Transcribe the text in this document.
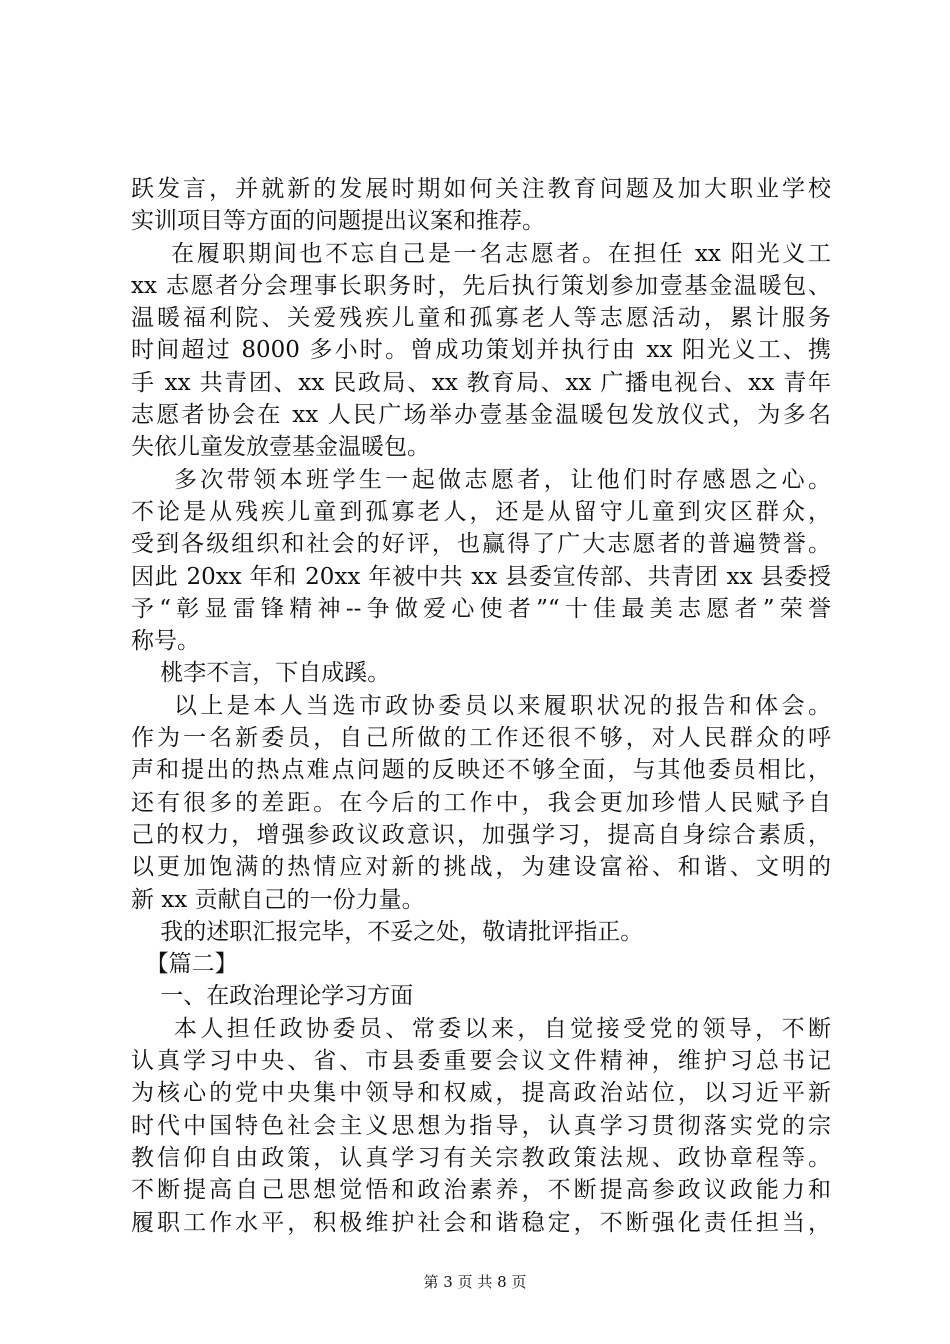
跃发言，并就新的发展时期如何关注教育问题及加大职业学校
实训项目等方面的问题提出议案和推荐。
在履职期间也不忘自己是一名志愿者。在担任 xx 阳光义工
xx 志愿者分会理事长职务时，先后执行策划参加壹基金温暖包、
温暖福利院、关爱残疾儿童和孤寡老人等志愿活动，累计服务
时间超过 8000 多小时。曾成功策划并执行由 xx 阳光义工、携
手 xx 共青团、xx 民政局、xx 教育局、xx 广播电视台、xx 青年
志愿者协会在 xx 人民广场举办壹基金温暖包发放仪式，为多名
失依儿童发放壹基金温暖包。
多次带领本班学生一起做志愿者，让他们时存感恩之心。
不论是从残疾儿童到孤寡老人，还是从留守儿童到灾区群众，
受到各级组织和社会的好评，也赢得了广大志愿者的普遍赞誉。
因此 20xx 年和 20xx 年被中共 xx 县委宣传部、共青团 xx 县委授
予“彰显雷锋精神--争做爱心使者”“十佳最美志愿者”荣誉
称号。
桃李不言，下自成蹊。
以上是本人当选市政协委员以来履职状况的报告和体会。
作为一名新委员，自己所做的工作还很不够，对人民群众的呼
声和提出的热点难点问题的反映还不够全面，与其他委员相比，
还有很多的差距。在今后的工作中，我会更加珍惜人民赋予自
己的权力，增强参政议政意识，加强学习，提高自身综合素质，
以更加饱满的热情应对新的挑战，为建设富裕、和谐、文明的
新 xx 贡献自己的一份力量。
我的述职汇报完毕，不妥之处，敬请批评指正。
【篇二】
一、在政治理论学习方面
本人担任政协委员、常委以来，自觉接受党的领导，不断
认真学习中央、省、市县委重要会议文件精神，维护习总书记
为核心的党中央集中领导和权威，提高政治站位，以习近平新
时代中国特色社会主义思想为指导，认真学习贯彻落实党的宗
教信仰自由政策，认真学习有关宗教政策法规、政协章程等。
不断提高自己思想觉悟和政治素养，不断提高参政议政能力和
履职工作水平，积极维护社会和谐稳定，不断强化责任担当，
第 3 页 共 8 页
